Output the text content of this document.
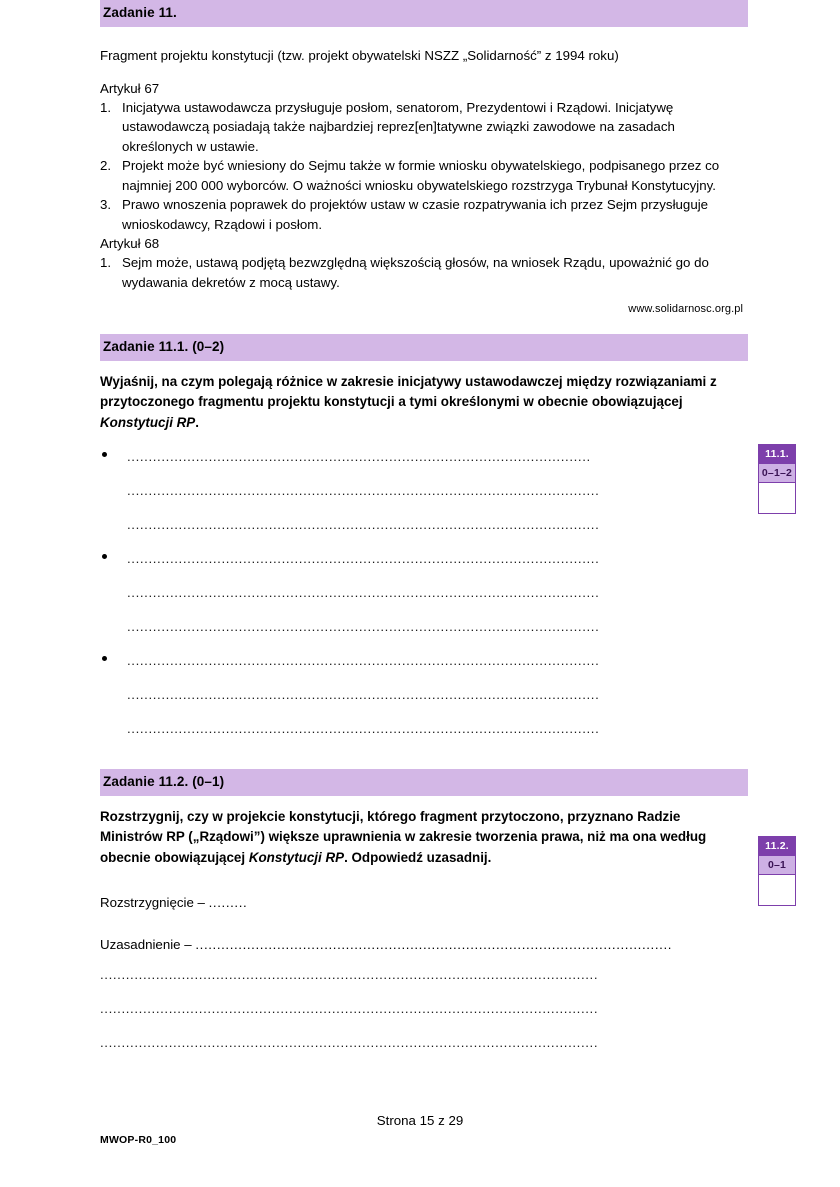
Zadanie 11.

Fragment projektu konstytucji (tzw. projekt obywatelski NSZZ „Solidarność” z 1994 roku)

Artykuł 67

1. Inicjatywa ustawodawcza przysługuje posłom, senatorom, Prezydentowi i Rządowi. Inicjatywę ustawodawczą posiadają także najbardziej reprez[en]tatywne związki zawodowe na zasadach określonych w ustawie.
2. Projekt może być wniesiony do Sejmu także w formie wniosku obywatelskiego, podpisanego przez co najmniej 200 000 wyborców. O ważności wniosku obywatelskiego rozstrzyga Trybunał Konstytucyjny.
3. Prawo wnoszenia poprawek do projektów ustaw w czasie rozpatrywania ich przez Sejm przysługuje wnioskodawcy, Rządowi i posłom.

Artykuł 68

1. Sejm może, ustawą podjętą bezwzględną większością głosów, na wniosek Rządu, upoważnić go do wydawania dekretów z mocą ustawy.
www.solidarnosc.org.pl
Zadanie 11.1. (0–2)
Wyjaśnij, na czym polegają różnice w zakresie inicjatywy ustawodawczej między rozwiązaniami z przytoczonego fragmentu projektu konstytucji a tymi określonymi w obecnie obowiązującej Konstytucji RP.
............................................................................................................
..............................................................................................................
..............................................................................................................
..............................................................................................................
..............................................................................................................
..............................................................................................................
..............................................................................................................
..............................................................................................................
..............................................................................................................
Zadanie 11.2. (0–1)
Rozstrzygnij, czy w projekcie konstytucji, którego fragment przytoczono, przyznano Radzie Ministrów RP („Rządowi”) większe uprawnienia w zakresie tworzenia prawa, niż ma ona według obecnie obowiązującej Konstytucji RP. Odpowiedź uzasadnij.
Rozstrzygnięcie – .........
Uzasadnienie – ...............................................................................................................
....................................................................................................................
....................................................................................................................
....................................................................................................................
11.1.
0–1–2
11.2.
0–1
Strona 15 z 29
MWOP-R0_100
